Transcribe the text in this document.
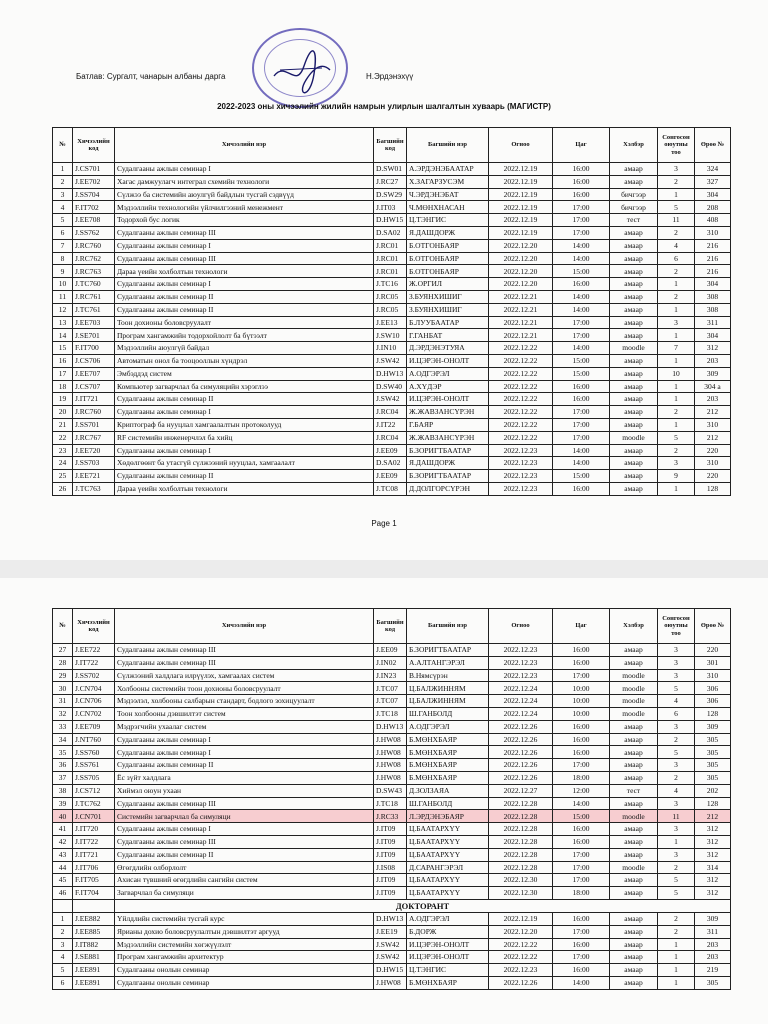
Батлав: Сургалт, чанарын албаны дарга	Н.Эрдэнэхүү
2022-2023 оны хичээлийн жилийн намрын улирлын шалгалтын хуваарь (МАГИСТР)
№	Хичээлийн код	Хичээлийн нэр	Багшийн код	Багшийн нэр	Огноо	Цаг	Хэлбэр	Сонгосон оюутны тоо	Өрөө №
1	J.CS701	Судалгааны ажлын семинар I	D.SW01	А.ЭРДЭНЭБААТАР	2022.12.19	16:00	амаар	3	324
2	J.EE702	Хагас дамжуулагч интеграл схемийн технологи	J.RC27	Х.ЗАГАРЗУСЭМ	2022.12.19	16:00	амаар	2	327
3	J.SS704	Сүлжээ ба системийн аюулгүй байдлын тусгай сэдвүүд	D.SW29	Ч.ЭРДЭНЭБАТ	2022.12.19	16:00	бичгээр	1	304
4	F.IT702	Мэдээллийн технологийн үйлчилгээний менежмент	J.IT03	Ч.МӨНХНАСАН	2022.12.19	17:00	бичгээр	5	208
5	J.EE708	Тодорхой бус логик	D.HW15	Ц.ТЭНГИС	2022.12.19	17:00	тест	11	408
6	J.SS762	Судалгааны ажлын семинар III	D.SA02	Я.ДАШДОРЖ	2022.12.19	17:00	амаар	2	310
7	J.RC760	Судалгааны ажлын семинар I	J.RC01	Б.ОТГОНБАЯР	2022.12.20	14:00	амаар	4	216
8	J.RC762	Судалгааны ажлын семинар III	J.RC01	Б.ОТГОНБАЯР	2022.12.20	14:00	амаар	6	216
9	J.RC763	Дараа үеийн холболтын технологи	J.RC01	Б.ОТГОНБАЯР	2022.12.20	15:00	амаар	2	216
10	J.TC760	Судалгааны ажлын семинар I	J.TC16	Ж.ОРГИЛ	2022.12.20	16:00	амаар	1	304
11	J.RC761	Судалгааны ажлын семинар II	J.RC05	З.БУЯНХИШИГ	2022.12.21	14:00	амаар	2	308
12	J.TC761	Судалгааны ажлын семинар II	J.RC05	З.БУЯНХИШИГ	2022.12.21	14:00	амаар	1	308
13	J.EE703	Тоон дохионы боловсруулалт	J.EE13	Б.ЛУУБААТАР	2022.12.21	17:00	амаар	3	311
14	J.SE701	Програм хангамжийн тодорхойлолт ба бүтээлт	J.SW10	Г.ГАНБАТ	2022.12.21	17:00	амаар	1	304
15	F.IT700	Мэдээллийн аюулгүй байдал	J.IN10	Д.ЭРДЭНЭТУЯА	2022.12.22	14:00	moodle	7	312
16	J.CS706	Автоматын онол ба тооцооллын хүндрэл	J.SW42	И.ЦЭРЭН-ОНОЛТ	2022.12.22	15:00	амаар	1	203
17	J.EE707	Эмбэддэд систем	D.HW13	А.ОДГЭРЭЛ	2022.12.22	15:00	амаар	10	309
18	J.CS707	Компьютер загварчлал ба симуляцийн хэрэглээ	D.SW40	А.ХҮДЭР	2022.12.22	16:00	амаар	1	304 а
19	J.IT721	Судалгааны ажлын семинар II	J.SW42	И.ЦЭРЭН-ОНОЛТ	2022.12.22	16:00	амаар	1	203
20	J.RC760	Судалгааны ажлын семинар I	J.RC04	Ж.ЖАВЗАНСҮРЭН	2022.12.22	17:00	амаар	2	212
21	J.SS701	Криптограф ба нууцлал хамгаалалтын протоколууд	J.IT22	Г.БАЯР	2022.12.22	17:00	амаар	1	310
22	J.RC767	RF системийн инженерчлэл ба хийц	J.RC04	Ж.ЖАВЗАНСҮРЭН	2022.12.22	17:00	moodle	5	212
23	J.EE720	Судалгааны ажлын семинар I	J.EE09	Б.ЗОРИГТБААТАР	2022.12.23	14:00	амаар	2	220
24	J.SS703	Хөдөлгөөнт ба утасгүй сүлжээний нууцлал, хамгаалалт	D.SA02	Я.ДАШДОРЖ	2022.12.23	14:00	амаар	3	310
25	J.EE721	Судалгааны ажлын семинар II	J.EE09	Б.ЗОРИГТБААТАР	2022.12.23	15:00	амаар	9	220
26	J.TC763	Дараа үеийн холболтын технологи	J.TC08	Д.ДОЛГОРСҮРЭН	2022.12.23	16:00	амаар	1	128
Page 1
№	Хичээлийн код	Хичээлийн нэр	Багшийн код	Багшийн нэр	Огноо	Цаг	Хэлбэр	Сонгосон оюутны тоо	Өрөө №
27	J.EE722	Судалгааны ажлын семинар III	J.EE09	Б.ЗОРИГТБААТАР	2022.12.23	16:00	амаар	3	220
28	J.IT722	Судалгааны ажлын семинар III	J.IN02	А.АЛТАНГЭРЭЛ	2022.12.23	16:00	амаар	3	301
29	J.SS702	Сүлжээний халдлага илрүүлэх, хамгаалах систем	J.IN23	В.Нямсүрэн	2022.12.23	17:00	moodle	3	310
30	J.CN704	Холбооны системийн тоон дохионы боловсруулалт	J.TC07	Ц.БАЛЖИННЯМ	2022.12.24	10:00	moodle	5	306
31	J.CN706	Мэдээлэл, холбооны салбарын стандарт, бодлого зохицуулалт	J.TC07	Ц.БАЛЖИННЯМ	2022.12.24	10:00	moodle	4	306
32	J.CN702	Тоон холбооны дэвшилтэт систем	J.TC18	Ш.ГАНБОЛД	2022.12.24	10:00	moodle	6	128
33	J.EE709	Мэдрэгчийн ухаалаг систем	D.HW13	А.ОДГЭРЭЛ	2022.12.26	16:00	амаар	3	309
34	J.NT760	Судалгааны ажлын семинар I	J.HW08	Б.МӨНХБАЯР	2022.12.26	16:00	амаар	2	305
35	J.SS760	Судалгааны ажлын семинар I	J.HW08	Б.МӨНХБАЯР	2022.12.26	16:00	амаар	5	305
36	J.SS761	Судалгааны ажлын семинар II	J.HW08	Б.МӨНХБАЯР	2022.12.26	17:00	амаар	3	305
37	J.SS705	Ёс зүйт халдлага	J.HW08	Б.МӨНХБАЯР	2022.12.26	18:00	амаар	2	305
38	J.CS712	Хиймэл оюун ухаан	D.SW43	Д.ЗОЛЗАЯА	2022.12.27	12:00	тест	4	202
39	J.TC762	Судалгааны ажлын семинар III	J.TC18	Ш.ГАНБОЛД	2022.12.28	14:00	амаар	3	128
40	J.CN701	Системийн загварчлал ба симуляци	J.RC33	Л.ЭРДЭНЭБАЯР	2022.12.28	15:00	moodle	11	212
41	J.IT720	Судалгааны ажлын семинар I	J.IT09	Ц.БААТАРХҮҮ	2022.12.28	16:00	амаар	3	312
42	J.IT722	Судалгааны ажлын семинар III	J.IT09	Ц.БААТАРХҮҮ	2022.12.28	16:00	амаар	1	312
43	J.IT721	Судалгааны ажлын семинар II	J.IT09	Ц.БААТАРХҮҮ	2022.12.28	17:00	амаар	3	312
44	J.IT706	Өгөгдлийн олборлолт	J.IS08	Д.САРАНГЭРЭЛ	2022.12.28	17:00	moodle	2	314
45	F.IT705	Ахисан түвшний өгөгдлийн сангийн систем	J.IT09	Ц.БААТАРХҮҮ	2022.12.30	17:00	амаар	5	312
46	F.IT704	Загварчлал ба симуляци	J.IT09	Ц.БААТАРХҮҮ	2022.12.30	18:00	амаар	5	312
		ДОКТОРАНТ							
1	J.EE882	Үйлдлийн системийн тусгай курс	D.HW13	А.ОДГЭРЭЛ	2022.12.19	16:00	амаар	2	309
2	J.EE885	Ярианы дохио боловсруулалтын дэвшилтэт аргууд	J.EE19	Б.ДОРЖ	2022.12.20	17:00	амаар	2	311
3	J.IT882	Мэдээллийн системийн хөгжүүлэлт	J.SW42	И.ЦЭРЭН-ОНОЛТ	2022.12.22	16:00	амаар	1	203
4	J.SE881	Програм хангамжийн архитектур	J.SW42	И.ЦЭРЭН-ОНОЛТ	2022.12.22	17:00	амаар	1	203
5	J.EE891	Судалгааны онолын семинар	D.HW15	Ц.ТЭНГИС	2022.12.23	16:00	амаар	1	219
6	J.EE891	Судалгааны онолын семинар	J.HW08	Б.МӨНХБАЯР	2022.12.26	14:00	амаар	1	305
